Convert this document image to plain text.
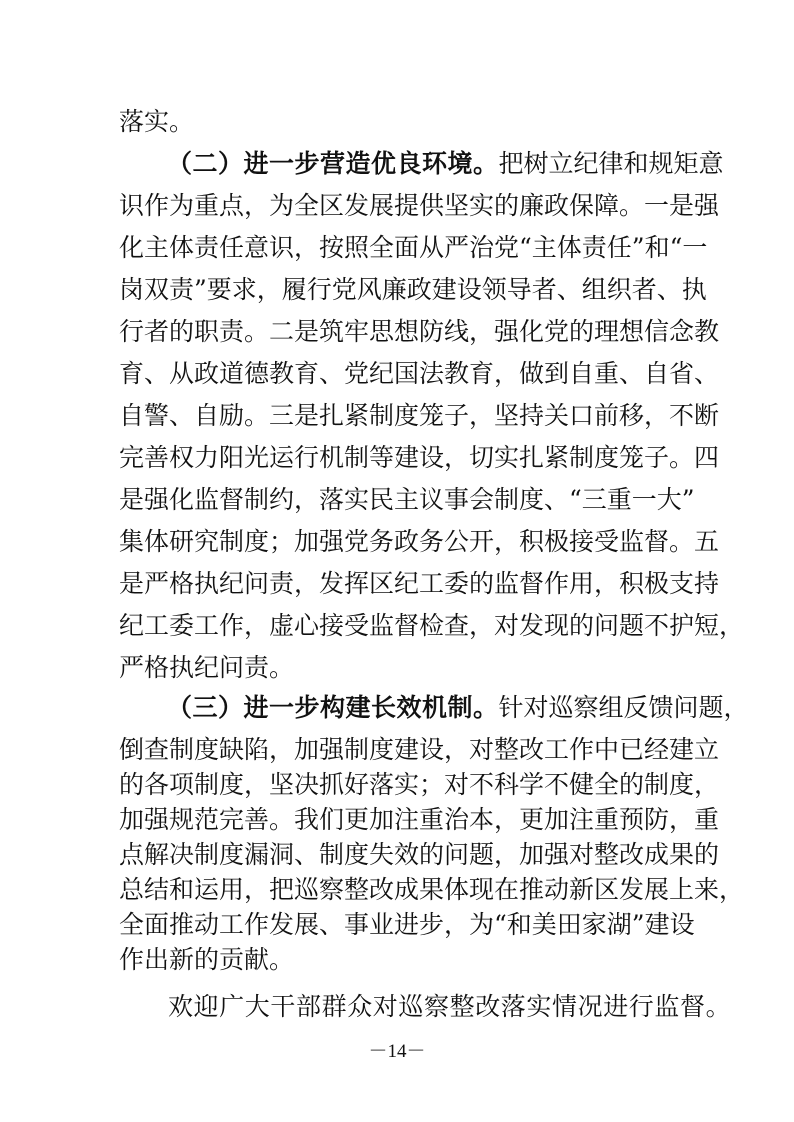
落实。
（二）进一步营造优良环境。把树立纪律和规矩意
识作为重点，为全区发展提供坚实的廉政保障。一是强
化主体责任意识，按照全面从严治党“主体责任”和“一
岗双责”要求，履行党风廉政建设领导者、组织者、执
行者的职责。二是筑牢思想防线，强化党的理想信念教
育、从政道德教育、党纪国法教育，做到自重、自省、
自警、自励。三是扎紧制度笼子，坚持关口前移，不断
完善权力阳光运行机制等建设，切实扎紧制度笼子。四
是强化监督制约，落实民主议事会制度、“三重一大”
集体研究制度；加强党务政务公开，积极接受监督。五
是严格执纪问责，发挥区纪工委的监督作用，积极支持
纪工委工作，虚心接受监督检查，对发现的问题不护短，
严格执纪问责。
（三）进一步构建长效机制。针对巡察组反馈问题，
倒查制度缺陷，加强制度建设，对整改工作中已经建立
的各项制度，坚决抓好落实；对不科学不健全的制度，
加强规范完善。我们更加注重治本，更加注重预防，重
点解决制度漏洞、制度失效的问题，加强对整改成果的
总结和运用，把巡察整改成果体现在推动新区发展上来，
全面推动工作发展、事业进步，为“和美田家湖”建设
作出新的贡献。
欢迎广大干部群众对巡察整改落实情况进行监督。
－14－
